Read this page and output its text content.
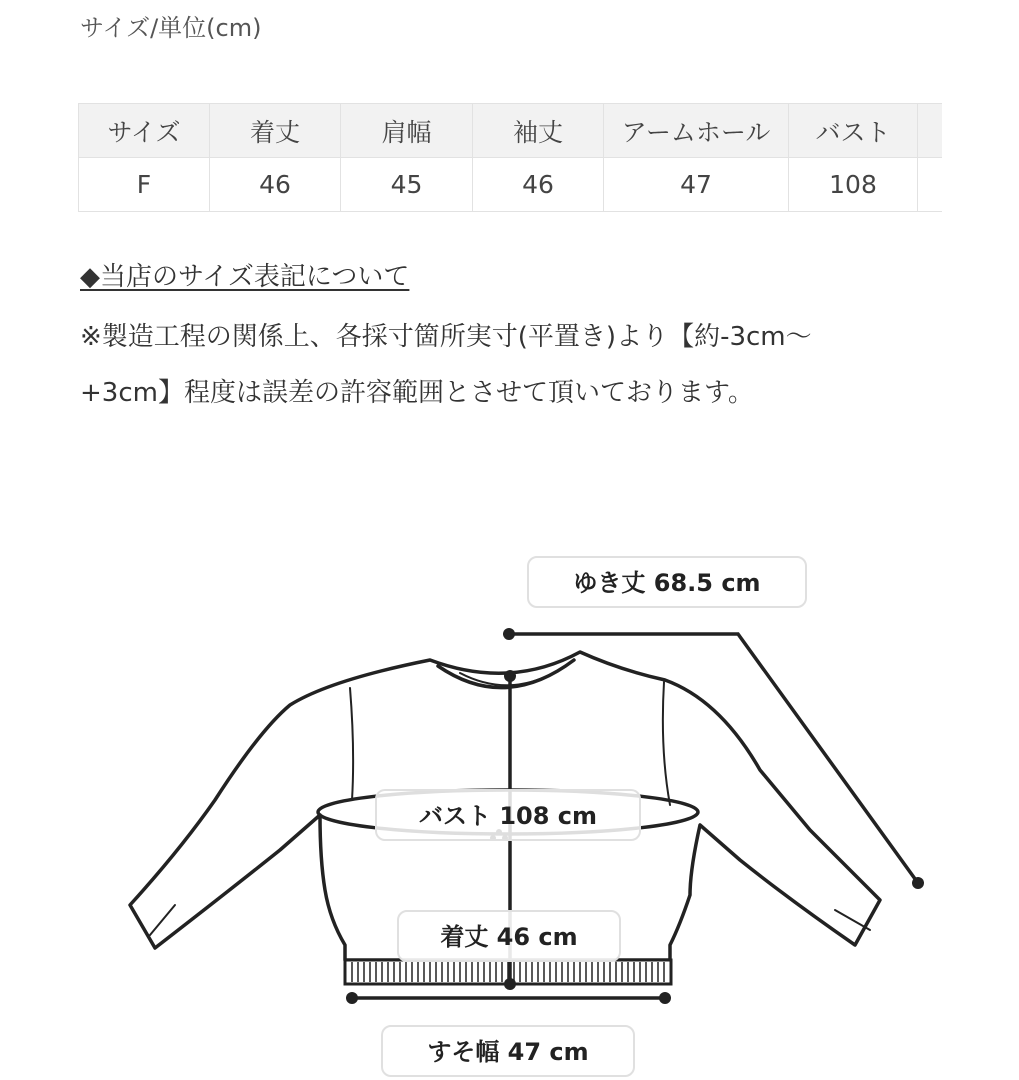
サイズ/単位(cm)
サイズ	着丈	肩幅	袖丈	アームホール	バスト	
F	46	45	46	47	108	
◆当店のサイズ表記について

※製造工程の関係上、各採寸箇所実寸(平置き)より【約-3cm〜
+3cm】程度は誤差の許容範囲とさせて頂いております。

ゆき丈 68.5 cm
バスト 108 cm
着丈 46 cm
すそ幅 47 cm
